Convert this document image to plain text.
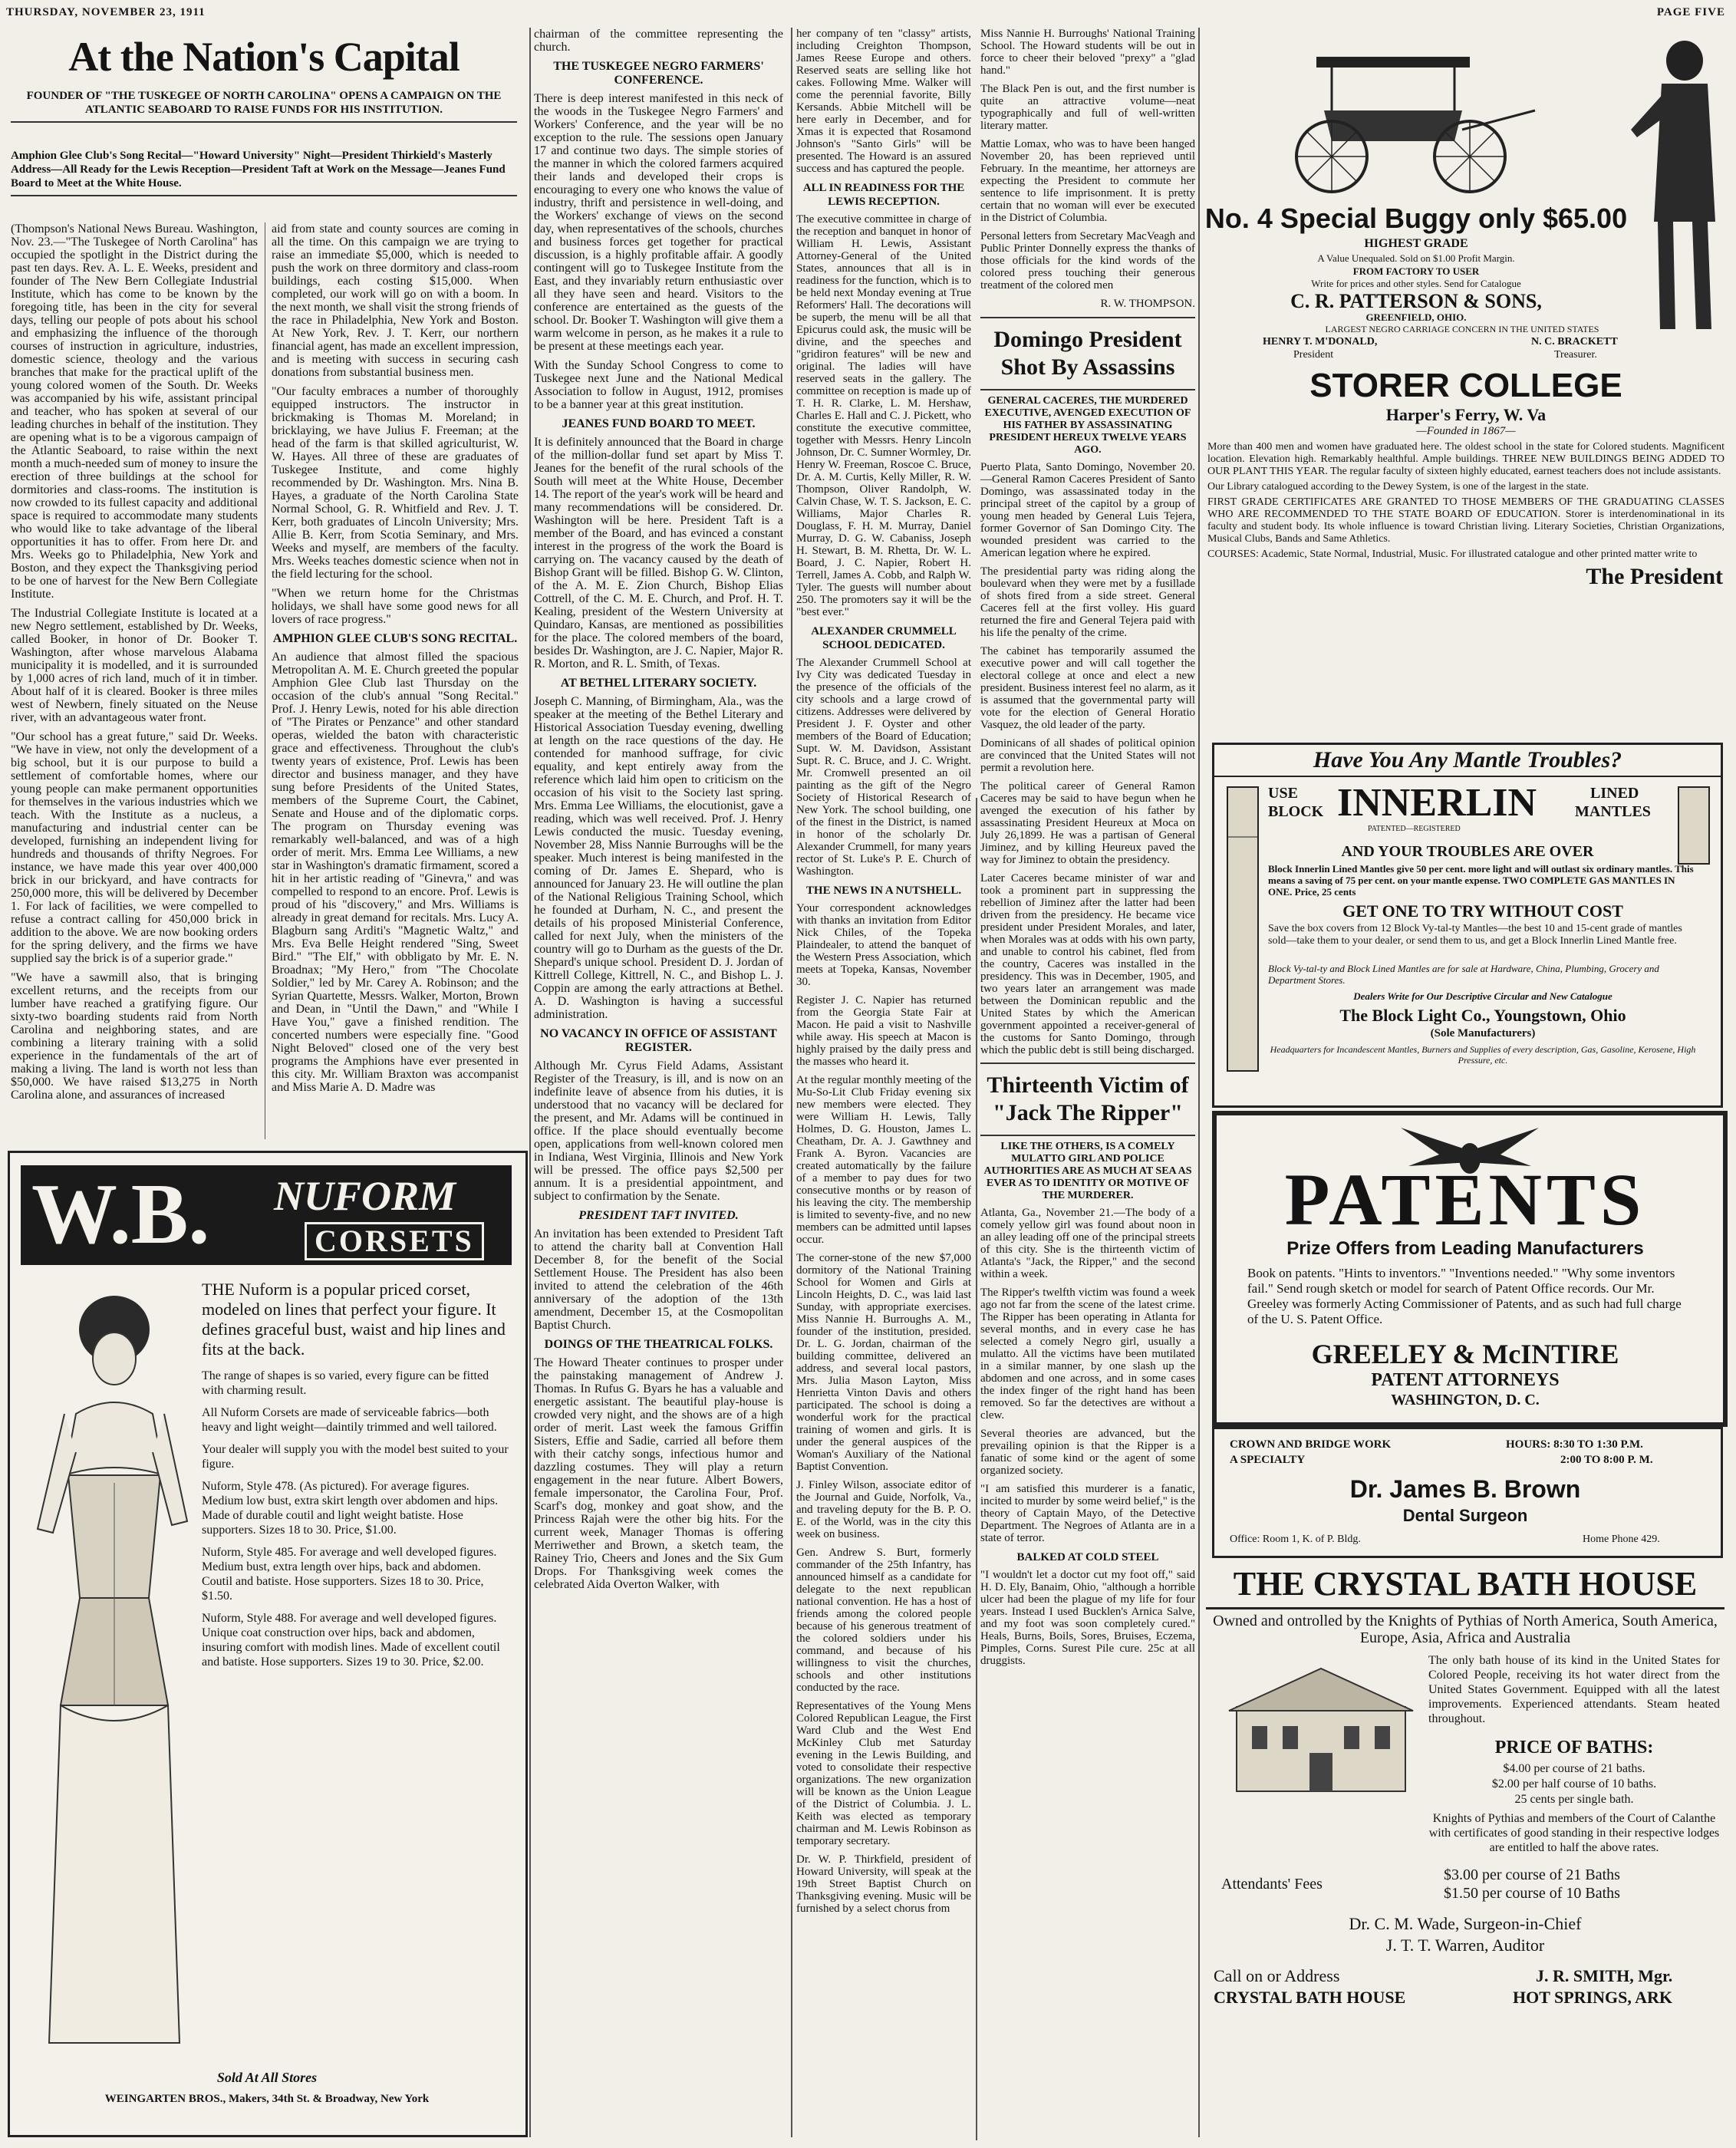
THURSDAY, NOVEMBER 23, 1911	PAGE FIVE
At the Nation's Capital
FOUNDER OF "THE TUSKEGEE OF NORTH CAROLINA" OPENS A CAMPAIGN ON THE ATLANTIC SEABOARD TO RAISE FUNDS FOR HIS INSTITUTION.
Amphion Glee Club's Song Recital—"Howard University" Night—President Thirkield's Masterly Address—All Ready for the Lewis Reception—President Taft at Work on the Message—Jeanes Fund Board to Meet at the White House.

(Thompson's National News Bureau. Washington, Nov. 23.—"The Tuskegee of North Carolina" has occupied the spotlight in the District during the past ten days. Rev. A. L. E. Weeks, president and founder of The New Bern Collegiate Industrial Institute, which has come to be known by the foregoing title, has been in the city for several days, telling our people of pots about his school and emphasizing the influence of the thorough courses of instruction in agriculture, industries, domestic science, theology and the various branches that make for the practical uplift of the young colored women of the South. Dr. Weeks was accompanied by his wife, assistant principal and teacher, who has spoken at several of our leading churches in behalf of the institution. They are opening what is to be a vigorous campaign of the Atlantic Seaboard, to raise within the next month a much-needed sum of money to insure the erection of three buildings at the school for dormitories and class-rooms. The institution is now crowded to its fullest capacity and additional space is required to accommodate many students who would like to take advantage of the liberal opportunities it has to offer. From here Dr. and Mrs. Weeks go to Philadelphia, New York and Boston, and they expect the Thanksgiving period to be one of harvest for the New Bern Collegiate Institute.

The Industrial Collegiate Institute is located at a new Negro settlement, established by Dr. Weeks, called Booker, in honor of Dr. Booker T. Washington, after whose marvelous Alabama municipality it is modelled, and it is surrounded by 1,000 acres of rich land, much of it in timber. About half of it is cleared. Booker is three miles west of Newbern, finely situated on the Neuse river, with an advantageous water front.

"Our school has a great future," said Dr. Weeks. "We have in view, not only the development of a big school, but it is our purpose to build a settlement of comfortable homes, where our young people can make permanent opportunities for themselves in the various industries which we teach. With the Institute as a nucleus, a manufacturing and industrial center can be developed, furnishing an independent living for hundreds and thousands of thrifty Negroes. For instance, we have made this year over 400,000 brick in our brickyard, and have contracts for 250,000 more, this will be delivered by December 1. For lack of facilities, we were compelled to refuse a contract calling for 450,000 brick in addition to the above. We are now booking orders for the spring delivery, and the firms we have supplied say the brick is of a superior grade."

"We have a sawmill also, that is bringing excellent returns, and the receipts from our lumber have reached a gratifying figure. Our sixty-two boarding students raid from North Carolina and neighboring states, and are combining a literary training with a solid experience in the fundamentals of the art of making a living. The land is worth not less than $50,000. We have raised $13,275 in North Carolina alone, and assurances of increased

aid from state and county sources are coming in all the time. On this campaign we are trying to raise an immediate $5,000, which is needed to push the work on three dormitory and class-room buildings, each costing $15,000. When completed, our work will go on with a boom. In the next month, we shall visit the strong friends of the race in Philadelphia, New York and Boston. At New York, Rev. J. T. Kerr, our northern financial agent, has made an excellent impression, and is meeting with success in securing cash donations from substantial business men.

"Our faculty embraces a number of thoroughly equipped instructors. The instructor in brickmaking is Thomas M. Moreland; in bricklaying, we have Julius F. Freeman; at the head of the farm is that skilled agriculturist, W. W. Hayes. All three of these are graduates of Tuskegee Institute, and come highly recommended by Dr. Washington. Mrs. Nina B. Hayes, a graduate of the North Carolina State Normal School, G. R. Whitfield and Rev. J. T. Kerr, both graduates of Lincoln University; Mrs. Allie B. Kerr, from Scotia Seminary, and Mrs. Weeks and myself, are members of the faculty. Mrs. Weeks teaches domestic science when not in the field lecturing for the school.

"When we return home for the Christmas holidays, we shall have some good news for all lovers of race progress."

AMPHION GLEE CLUB'S SONG RECITAL.

An audience that almost filled the spacious Metropolitan A. M. E. Church greeted the popular Amphion Glee Club last Thursday on the occasion of the club's annual "Song Recital." Prof. J. Henry Lewis, noted for his able direction of "The Pirates or Penzance" and other standard operas, wielded the baton with characteristic grace and effectiveness. Throughout the club's twenty years of existence, Prof. Lewis has been director and business manager, and they have sung before Presidents of the United States, members of the Supreme Court, the Cabinet, Senate and House and of the diplomatic corps. The program on Thursday evening was remarkably well-balanced, and was of a high order of merit. Mrs. Emma Lee Williams, a new star in Washington's dramatic firmament, scored a hit in her artistic reading of "Ginevra," and was compelled to respond to an encore. Prof. Lewis is proud of his "discovery," and Mrs. Williams is already in great demand for recitals. Mrs. Lucy A. Blagburn sang Arditi's "Magnetic Waltz," and Mrs. Eva Belle Height rendered "Sing, Sweet Bird." "The Elf," with obbligato by Mr. E. N. Broadnax; "My Hero," from "The Chocolate Soldier," led by Mr. Carey A. Robinson; and the Syrian Quartette, Messrs. Walker, Morton, Brown and Dean, in "Until the Dawn," and "While I Have You," gave a finished rendition. The concerted numbers were especially fine. "Good Night Beloved" closed one of the very best programs the Amphions have ever presented in this city. Mr. William Braxton was accompanist and Miss Marie A. D. Madre was

W.B. NUFORM
CORSETS

THE Nuform is a popular priced corset, modeled on lines that perfect your figure. It defines graceful bust, waist and hip lines and fits at the back.

The range of shapes is so varied, every figure can be fitted with charming result.

All Nuform Corsets are made of serviceable fabrics—both heavy and light weight—daintily trimmed and well tailored.

Your dealer will supply you with the model best suited to your figure.

Nuform, Style 478. (As pictured). For average figures. Medium low bust, extra skirt length over abdomen and hips. Made of durable coutil and light weight batiste. Hose supporters. Sizes 18 to 30. Price, $1.00.

Nuform, Style 485. For average and well developed figures. Medium bust, extra length over hips, back and abdomen. Coutil and batiste. Hose supporters. Sizes 18 to 30. Price, $1.50.

Nuform, Style 488. For average and well developed figures. Unique coat construction over hips, back and abdomen, insuring comfort with modish lines. Made of excellent coutil and batiste. Hose supporters. Sizes 19 to 30. Price, $2.00.

Sold At All Stores
WEINGARTEN BROS., Makers, 34th St. & Broadway, New York

chairman of the committee representing the church.

THE TUSKEGEE NEGRO FARMERS' CONFERENCE.

There is deep interest manifested in this neck of the woods in the Tuskegee Negro Farmers' and Workers' Conference, and the year will be no exception to the rule. The sessions open January 17 and continue two days. The simple stories of the manner in which the colored farmers acquired their lands and developed their crops is encouraging to every one who knows the value of industry, thrift and persistence in well-doing, and the Workers' exchange of views on the second day, when representatives of the schools, churches and business forces get together for practical discussion, is a highly profitable affair. A goodly contingent will go to Tuskegee Institute from the East, and they invariably return enthusiastic over all they have seen and heard. Visitors to the conference are entertained as the guests of the school. Dr. Booker T. Washington will give them a warm welcome in person, as he makes it a rule to be present at these meetings each year.

With the Sunday School Congress to come to Tuskegee next June and the National Medical Association to follow in August, 1912, promises to be a banner year at this great institution.

JEANES FUND BOARD TO MEET.

It is definitely announced that the Board in charge of the million-dollar fund set apart by Miss T. Jeanes for the benefit of the rural schools of the South will meet at the White House, December 14. The report of the year's work will be heard and many recommendations will be considered. Dr. Washington will be here. President Taft is a member of the Board, and has evinced a constant interest in the progress of the work the Board is carrying on. The vacancy caused by the death of Bishop Grant will be filled. Bishop G. W. Clinton, of the A. M. E. Zion Church, Bishop Elias Cottrell, of the C. M. E. Church, and Prof. H. T. Kealing, president of the Western University at Quindaro, Kansas, are mentioned as possibilities for the place. The colored members of the board, besides Dr. Washington, are J. C. Napier, Major R. R. Morton, and R. L. Smith, of Texas.

AT BETHEL LITERARY SOCIETY.

Joseph C. Manning, of Birmingham, Ala., was the speaker at the meeting of the Bethel Literary and Historical Association Tuesday evening, dwelling at length on the race questions of the day. He contended for manhood suffrage, for civic equality, and kept entirely away from the reference which laid him open to criticism on the occasion of his visit to the Society last spring. Mrs. Emma Lee Williams, the elocutionist, gave a reading, which was well received. Prof. J. Henry Lewis conducted the music. Tuesday evening, November 28, Miss Nannie Burroughs will be the speaker. Much interest is being manifested in the coming of Dr. James E. Shepard, who is announced for January 23. He will outline the plan of the National Religious Training School, which he founded at Durham, N. C., and present the details of his proposed Ministerial Conference, called for next July, when the ministers of the country will go to Durham as the guests of the Dr. Shepard's unique school. President D. J. Jordan of Kittrell College, Kittrell, N. C., and Bishop L. J. Coppin are among the early attractions at Bethel. A. D. Washington is having a successful administration.

NO VACANCY IN OFFICE OF ASSISTANT REGISTER.

Although Mr. Cyrus Field Adams, Assistant Register of the Treasury, is ill, and is now on an indefinite leave of absence from his duties, it is understood that no vacancy will be declared for the present, and Mr. Adams will be continued in office. If the place should eventually become open, applications from well-known colored men in Indiana, West Virginia, Illinois and New York will be pressed. The office pays $2,500 per annum. It is a presidential appointment, and subject to confirmation by the Senate.

PRESIDENT TAFT INVITED.

An invitation has been extended to President Taft to attend the charity ball at Convention Hall December 8, for the benefit of the Social Settlement House. The President has also been invited to attend the celebration of the 46th anniversary of the adoption of the 13th amendment, December 15, at the Cosmopolitan Baptist Church.

DOINGS OF THE THEATRICAL FOLKS.

The Howard Theater continues to prosper under the painstaking management of Andrew J. Thomas. In Rufus G. Byars he has a valuable and energetic assistant. The beautiful play-house is crowded very night, and the shows are of a high order of merit. Last week the famous Griffin Sisters, Effie and Sadie, carried all before them with their catchy songs, infectious humor and dazzling costumes. They will play a return engagement in the near future. Albert Bowers, female impersonator, the Carolina Four, Prof. Scarf's dog, monkey and goat show, and the Princess Rajah were the other big hits. For the current week, Manager Thomas is offering Merriwether and Brown, a sketch team, the Rainey Trio, Cheers and Jones and the Six Gum Drops. For Thanksgiving week comes the celebrated Aida Overton Walker, with

her company of ten "classy" artists, including Creighton Thompson, James Reese Europe and others. Reserved seats are selling like hot cakes. Following Mme. Walker will come the perennial favorite, Billy Kersands. Abbie Mitchell will be here early in December, and for Xmas it is expected that Rosamond Johnson's "Santo Girls" will be presented. The Howard is an assured success and has captured the people.

ALL IN READINESS FOR THE LEWIS RECEPTION.

The executive committee in charge of the reception and banquet in honor of William H. Lewis, Assistant Attorney-General of the United States, announces that all is in readiness for the function, which is to be held next Monday evening at True Reformers' Hall. The decorations will be superb, the menu will be all that Epicurus could ask, the music will be divine, and the speeches and "gridiron features" will be new and original. The ladies will have reserved seats in the gallery. The committee on reception is made up of T. H. R. Clarke, L. M. Hershaw, Charles E. Hall and C. J. Pickett, who constitute the executive committee, together with Messrs. Henry Lincoln Johnson, Dr. C. Sumner Wormley, Dr. Henry W. Freeman, Roscoe C. Bruce, Dr. A. M. Curtis, Kelly Miller, R. W. Thompson, Oliver Randolph, W. Calvin Chase, W. T. S. Jackson, E. C. Williams, Major Charles R. Douglass, F. H. M. Murray, Daniel Murray, D. G. W. Cabaniss, Joseph H. Stewart, B. M. Rhetta, Dr. W. L. Board, J. C. Napier, Robert H. Terrell, James A. Cobb, and Ralph W. Tyler. The guests will number about 250. The promoters say it will be the "best ever."

ALEXANDER CRUMMELL SCHOOL DEDICATED.

The Alexander Crummell School at Ivy City was dedicated Tuesday in the presence of the officials of the city schools and a large crowd of citizens. Addresses were delivered by President J. F. Oyster and other members of the Board of Education; Supt. W. M. Davidson, Assistant Supt. R. C. Bruce, and J. C. Wright. Mr. Cromwell presented an oil painting as the gift of the Negro Society of Historical Research of New York. The school building, one of the finest in the District, is named in honor of the scholarly Dr. Alexander Crummell, for many years rector of St. Luke's P. E. Church of Washington.

THE NEWS IN A NUTSHELL.

Your correspondent acknowledges with thanks an invitation from Editor Nick Chiles, of the Topeka Plaindealer, to attend the banquet of the Western Press Association, which meets at Topeka, Kansas, November 30.

Register J. C. Napier has returned from the Georgia State Fair at Macon. He paid a visit to Nashville while away. His speech at Macon is highly praised by the daily press and the masses who heard it.

At the regular monthly meeting of the Mu-So-Lit Club Friday evening six new members were elected. They were William H. Lewis, Tally Holmes, D. G. Houston, James L. Cheatham, Dr. A. J. Gawthney and Frank A. Byron. Vacancies are created automatically by the failure of a member to pay dues for two consecutive months or by reason of his leaving the city. The membership is limited to seventy-five, and no new members can be admitted until lapses occur.

The corner-stone of the new $7,000 dormitory of the National Training School for Women and Girls at Lincoln Heights, D. C., was laid last Sunday, with appropriate exercises. Miss Nannie H. Burroughs A. M., founder of the institution, presided. Dr. L. G. Jordan, chairman of the building committee, delivered an address, and several local pastors, Mrs. Julia Mason Layton, Miss Henrietta Vinton Davis and others participated. The school is doing a wonderful work for the practical training of women and girls. It is under the general auspices of the Woman's Auxiliary of the National Baptist Convention.

J. Finley Wilson, associate editor of the Journal and Guide, Norfolk, Va., and traveling deputy for the B. P. O. E. of the World, was in the city this week on business.

Gen. Andrew S. Burt, formerly commander of the 25th Infantry, has announced himself as a candidate for delegate to the next republican national convention. He has a host of friends among the colored people because of his generous treatment of the colored soldiers under his command, and because of his willingness to visit the churches, schools and other institutions conducted by the race.

Representatives of the Young Mens Colored Republican League, the First Ward Club and the West End McKinley Club met Saturday evening in the Lewis Building, and voted to consolidate their respective organizations. The new organization will be known as the Union League of the District of Columbia. J. L. Keith was elected as temporary chairman and M. Lewis Robinson as temporary secretary.

Dr. W. P. Thirkfield, president of Howard University, will speak at the 19th Street Baptist Church on Thanksgiving evening. Music will be furnished by a select chorus from

Miss Nannie H. Burroughs' National Training School. The Howard students will be out in force to cheer their beloved "prexy" a "glad hand."

The Black Pen is out, and the first number is quite an attractive volume—neat typographically and full of well-written literary matter.

Mattie Lomax, who was to have been hanged November 20, has been reprieved until February. In the meantime, her attorneys are expecting the President to commute her sentence to life imprisonment. It is pretty certain that no woman will ever be executed in the District of Columbia.

Personal letters from Secretary MacVeagh and Public Printer Donnelly express the thanks of those officials for the kind words of the colored press touching their generous treatment of the colored men

R. W. THOMPSON.
Domingo President Shot By Assassins
GENERAL CACERES, THE MURDERED EXECUTIVE, AVENGED EXECUTION OF HIS FATHER BY ASSASSINATING PRESIDENT HEREUX TWELVE YEARS AGO.

Puerto Plata, Santo Domingo, November 20.—General Ramon Caceres President of Santo Domingo, was assassinated today in the principal street of the capitol by a group of young men headed by General Luis Tejera, former Governor of San Domingo City. The wounded president was carried to the American legation where he expired.

The presidential party was riding along the boulevard when they were met by a fusillade of shots fired from a side street. General Caceres fell at the first volley. His guard returned the fire and General Tejera paid with his life the penalty of the crime.

The cabinet has temporarily assumed the executive power and will call together the electoral college at once and elect a new president. Business interest feel no alarm, as it is assumed that the governmental party will vote for the election of General Horatio Vasquez, the old leader of the party.

Dominicans of all shades of political opinion are convinced that the United States will not permit a revolution here.

The political career of General Ramon Caceres may be said to have begun when he avenged the execution of his father by assassinating President Heureux at Moca on July 26,1899. He was a partisan of General Jiminez, and by killing Heureux paved the way for Jiminez to obtain the presidency.

Later Caceres became minister of war and took a prominent part in suppressing the rebellion of Jiminez after the latter had been driven from the presidency. He became vice president under President Morales, and later, when Morales was at odds with his own party, and unable to control his cabinet, fled from the country, Caceres was installed in the presidency. This was in December, 1905, and two years later an arrangement was made between the Dominican republic and the United States by which the American government appointed a receiver-general of the customs for Santo Domingo, through which the public debt is still being discharged.

Thirteenth Victim of "Jack The Ripper"
LIKE THE OTHERS, IS A COMELY MULATTO GIRL AND POLICE AUTHORITIES ARE AS MUCH AT SEA AS EVER AS TO IDENTITY OR MOTIVE OF THE MURDERER.

Atlanta, Ga., November 21.—The body of a comely yellow girl was found about noon in an alley leading off one of the principal streets of this city. She is the thirteenth victim of Atlanta's "Jack, the Ripper," and the second within a week.

The Ripper's twelfth victim was found a week ago not far from the scene of the latest crime. The Ripper has been operating in Atlanta for several months, and in every case he has selected a comely Negro girl, usually a mulatto. All the victims have been mutilated in a similar manner, by one slash up the abdomen and one across, and in some cases the index finger of the right hand has been removed. So far the detectives are without a clew.

Several theories are advanced, but the prevailing opinion is that the Ripper is a fanatic of some kind or the agent of some organized society.

"I am satisfied this murderer is a fanatic, incited to murder by some weird belief," is the theory of Captain Mayo, of the Detective Department. The Negroes of Atlanta are in a state of terror.

BALKED AT COLD STEEL

"I wouldn't let a doctor cut my foot off," said H. D. Ely, Banaim, Ohio, "although a horrible ulcer had been the plague of my life for four years. Instead I used Bucklen's Arnica Salve, and my foot was soon completely cured." Heals, Burns, Boils, Sores, Bruises, Eczema, Pimples, Corns. Surest Pile cure. 25c at all druggists.

No. 4 Special Buggy only $65.00
HIGHEST GRADE
A Value Unequaled. Sold on $1.00 Profit Margin.
FROM FACTORY TO USER
Write for prices and other styles. Send for Catalogue
C. R. PATTERSON & SONS,
GREENFIELD, OHIO.
LARGEST NEGRO CARRIAGE CONCERN IN THE UNITED STATES
HENRY T. M'DONALD,
President
N. C. BRACKETT
Treasurer.
STORER COLLEGE
Harper's Ferry, W. Va
—Founded in 1867—

More than 400 men and women have graduated here. The oldest school in the state for Colored students. Magnificent location. Elevation high. Remarkably healthful. Ample buildings. THREE NEW BUILDINGS BEING ADDED TO OUR PLANT THIS YEAR. The regular faculty of sixteen highly educated, earnest teachers does not include assistants.

Our Library catalogued according to the Dewey System, is one of the largest in the state.

FIRST GRADE CERTIFICATES ARE GRANTED TO THOSE MEMBERS OF THE GRADUATING CLASSES WHO ARE RECOMMENDED TO THE STATE BOARD OF EDUCATION. Storer is interdenominational in its faculty and student body. Its whole influence is toward Christian living. Literary Societies, Christian Organizations, Musical Clubs, Bands and Same Athletics.

COURSES: Academic, State Normal, Industrial, Music. For illustrated catalogue and other printed matter write to

The President
Have You Any Mantle Troubles?
USE
BLOCK INNERLIN	LINED
MANTLES
PATENTED—REGISTERED
AND YOUR TROUBLES ARE OVER
Block Innerlin Lined Mantles give 50 per cent. more light and will outlast six ordinary mantles. This means a saving of 75 per cent. on your mantle expense. TWO COMPLETE GAS MANTLES IN ONE. Price, 25 cents
GET ONE TO TRY WITHOUT COST
Save the box covers from 12 Block Vy-tal-ty Mantles—the best 10 and 15-cent grade of mantles sold—take them to your dealer, or send them to us, and get a Block Innerlin Lined Mantle free.
Block Vy-tal-ty and Block Lined Mantles are for sale at Hardware, China, Plumbing, Grocery and Department Stores.
Dealers Write for Our Descriptive Circular and New Catalogue
The Block Light Co., Youngstown, Ohio
(Sole Manufacturers)
Headquarters for Incandescent Mantles, Burners and Supplies of every description, Gas, Gasoline, Kerosene, High Pressure, etc.
PATENTS
Prize Offers from Leading Manufacturers
Book on patents. "Hints to inventors." "Inventions needed." "Why some inventors fail." Send rough sketch or model for search of Patent Office records. Our Mr. Greeley was formerly Acting Commissioner of Patents, and as such had full charge of the U. S. Patent Office.
GREELEY & McINTIRE
PATENT ATTORNEYS
WASHINGTON, D. C.
CROWN AND BRIDGE WORK
A SPECIALTY
HOURS: 8:30 TO 1:30 P.M.
2:00 TO 8:00 P. M.
Dr. James B. Brown
Dental Surgeon
Office: Room 1, K. of P. Bldg.	Home Phone 429.
THE CRYSTAL BATH HOUSE
Owned and ontrolled by the Knights of Pythias of North America, South America, Europe, Asia, Africa and Australia
The only bath house of its kind in the United States for Colored People, receiving its hot water direct from the United States Government. Equipped with all the latest improvements. Experienced attendants. Steam heated throughout.
PRICE OF BATHS:
$4.00 per course of 21 baths.
$2.00 per half course of 10 baths.
25 cents per single bath.
Knights of Pythias and members of the Court of Calanthe with certificates of good standing in their respective lodges are entitled to half the above rates.
Attendants' Fees
$3.00 per course of 21 Baths
$1.50 per course of 10 Baths
Dr. C. M. Wade, Surgeon-in-Chief
J. T. T. Warren, Auditor
Call on or Address
CRYSTAL BATH HOUSE
J. R. SMITH, Mgr.
HOT SPRINGS, ARK
